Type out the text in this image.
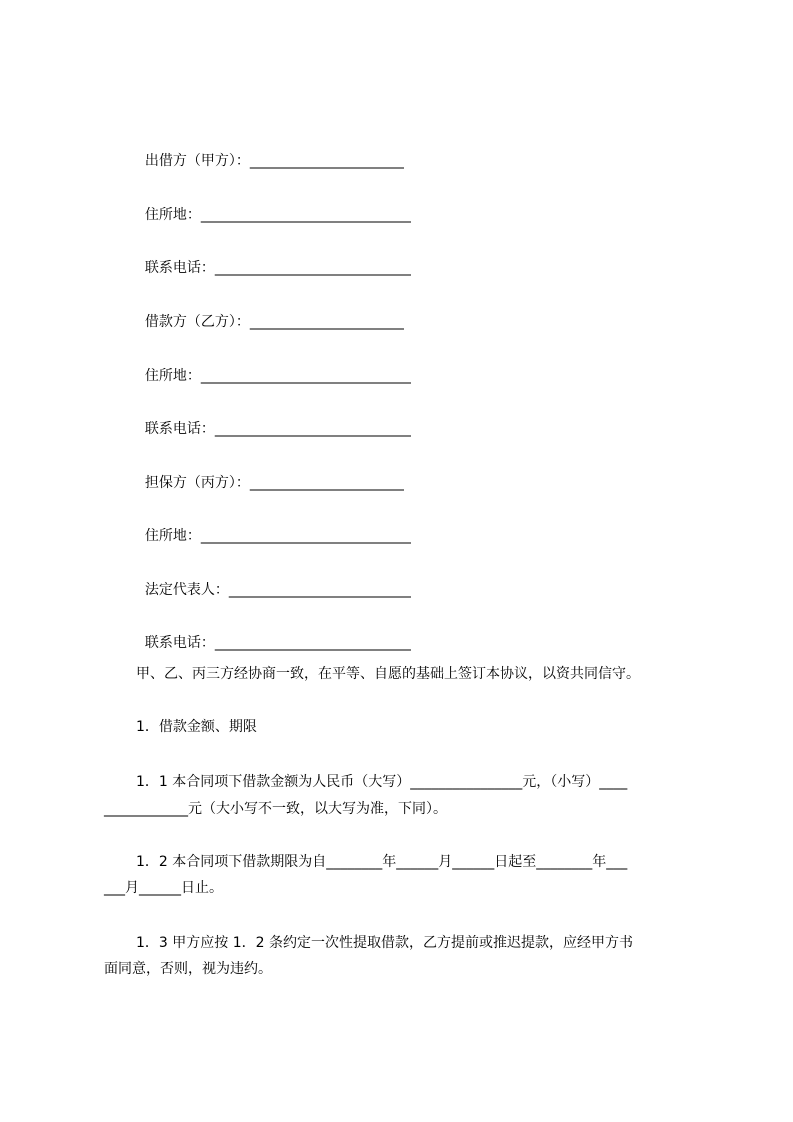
出借方（甲方）：______________________

住所地：______________________________

联系电话：____________________________

借款方（乙方）：______________________

住所地：______________________________

联系电话：____________________________

担保方（丙方）：______________________

住所地：______________________________

法定代表人：__________________________

联系电话：____________________________

甲、乙、丙三方经协商一致，在平等、自愿的基础上签订本协议，以资共同信守。
1．借款金额、期限
1．1 本合同项下借款金额为人民币（大写）________________元，（小写）____
____________元（大小写不一致，以大写为准，下同）。
1．2 本合同项下借款期限为自________年______月______日起至________年___
___月______日止。
1．3 甲方应按 1．2 条约定一次性提取借款，乙方提前或推迟提款，应经甲方书
面同意，否则，视为违约。
